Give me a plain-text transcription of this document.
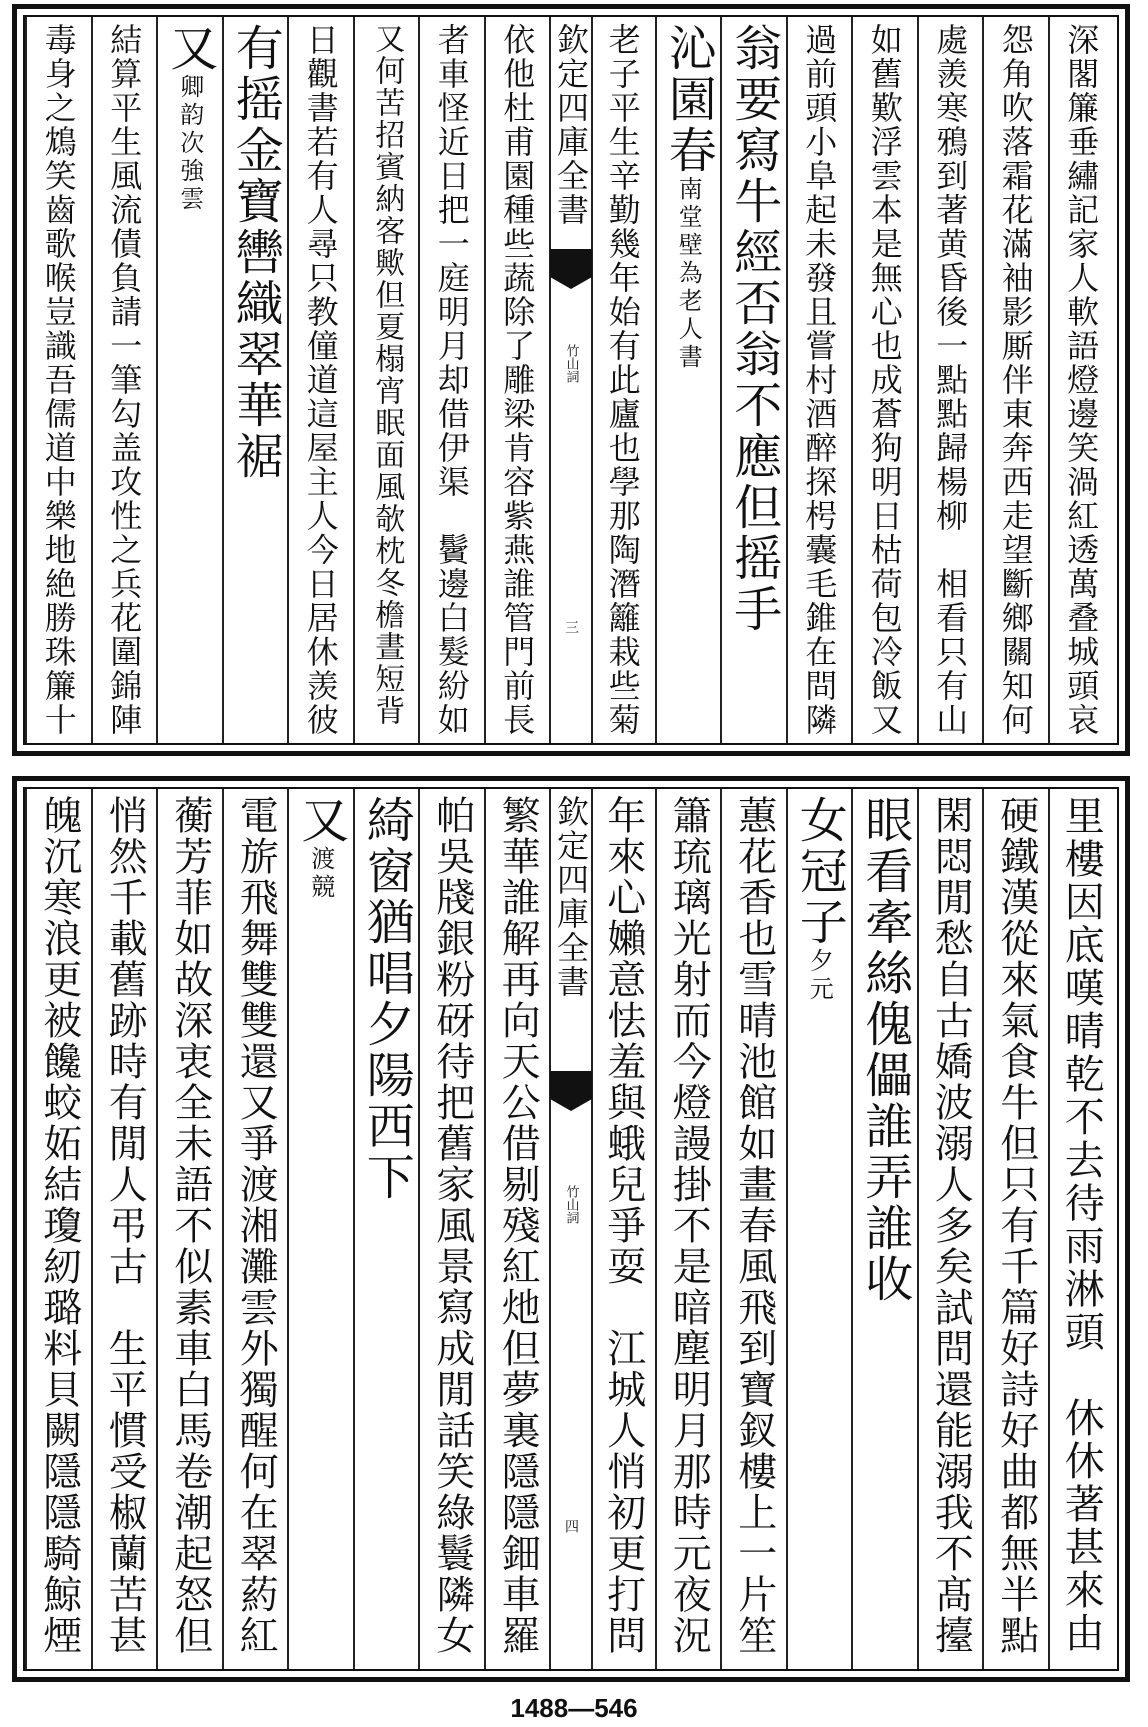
深閣簾垂繡記家人軟語燈邊笑渦紅透萬叠城頭哀
怨角吹落霜花滿袖影厮伴東奔西走望斷鄉關知何
處羨寒鴉到著黄昏後一點點歸楊柳　相看只有山
如舊歎浮雲本是無心也成蒼狗明日枯荷包冷飯又
過前頭小阜起未發且嘗村酒醉探枵囊毛錐在問隣
翁要寫牛經否翁不應但摇手
沁園春
為老人書
南堂壁
老子平生辛勤幾年始有此廬也學那陶潛籬栽些菊
依他杜甫園種些蔬除了雕梁肯容紫燕誰管門前長
者車怪近日把一庭明月却借伊渠　鬢邊白髮紛如
又何苦招賓納客歟但夏榻宵眠面風欹枕冬檐晝短背
日觀書若有人尋只教僮道這屋主人今日居休羡彼
有摇金寶轡織翠華裾
又
次強雲
卿韵
結算平生風流債負請一筆勾盖攻性之兵花圍錦陣
毒身之鴆笑齒歌喉豈識吾儒道中樂地絶勝珠簾十	欽定四庫全書
竹山詞
三
里樓因底嘆晴乾不去待雨淋頭　休休著甚來由
硬鐵漢從來氣食牛但只有千篇好詩好曲都無半點
閑悶閒愁自古嬌波溺人多矣試問還能溺我不髙擡
眼看牽絲傀儡誰弄誰收
女冠子
元
夕
蕙花香也雪晴池館如畫春風飛到寶釵樓上一片笙
簫琉璃光射而今燈謾掛不是暗塵明月那時元夜況
年來心嬾意怯羞與蛾兒爭耍　江城人悄初更打問
繁華誰解再向天公借剔殘紅灺但夢裏隱隱鈿車羅
帕吳牋銀粉砑待把舊家風景寫成閒話笑綠鬟隣女
綺窗猶唱夕陽西下
又
競
渡
電旂飛舞雙雙還又爭渡湘灘雲外獨醒何在翠葯紅
蘅芳菲如故深衷全未語不似素車白馬卷潮起怒但
悄然千載舊跡時有閒人弔古　生平慣受椒蘭苦甚
魄沉寒浪更被饞蛟妬結瓊紉璐料貝闕隱隱騎鯨煙	欽定四庫全書
竹山詞
四
1488—546
